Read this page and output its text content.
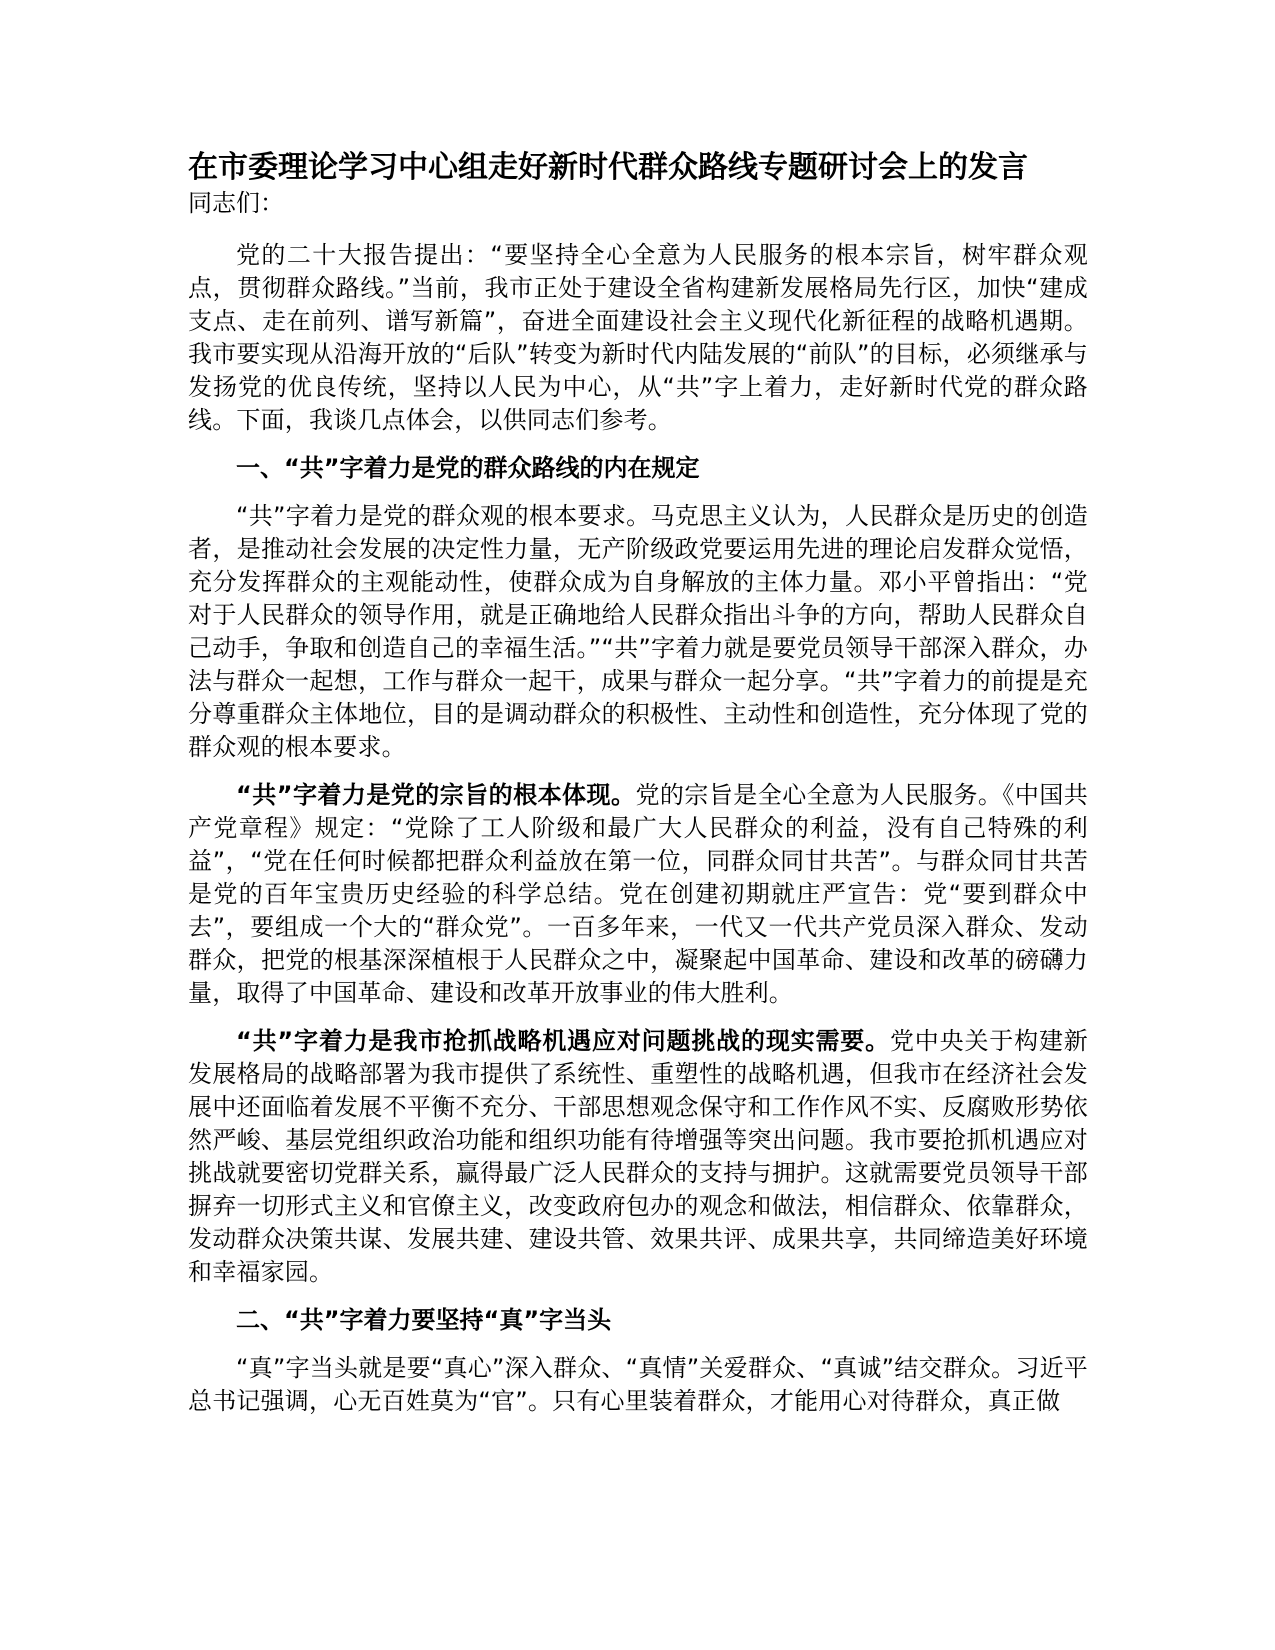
在市委理论学习中心组走好新时代群众路线专题研讨会上的发言

同志们：

党的二十大报告提出：“要坚持全心全意为人民服务的根本宗旨，树牢群众观点，贯彻群众路线。”当前，我市正处于建设全省构建新发展格局先行区，加快“建成支点、走在前列、谱写新篇”，奋进全面建设社会主义现代化新征程的战略机遇期。我市要实现从沿海开放的“后队”转变为新时代内陆发展的“前队”的目标，必须继承与发扬党的优良传统，坚持以人民为中心，从“共”字上着力，走好新时代党的群众路线。下面，我谈几点体会，以供同志们参考。

一、“共”字着力是党的群众路线的内在规定

“共”字着力是党的群众观的根本要求。马克思主义认为，人民群众是历史的创造者，是推动社会发展的决定性力量，无产阶级政党要运用先进的理论启发群众觉悟，充分发挥群众的主观能动性，使群众成为自身解放的主体力量。邓小平曾指出：“党对于人民群众的领导作用，就是正确地给人民群众指出斗争的方向，帮助人民群众自己动手，争取和创造自己的幸福生活。”“共”字着力就是要党员领导干部深入群众，办法与群众一起想，工作与群众一起干，成果与群众一起分享。“共”字着力的前提是充分尊重群众主体地位，目的是调动群众的积极性、主动性和创造性，充分体现了党的群众观的根本要求。

“共”字着力是党的宗旨的根本体现。党的宗旨是全心全意为人民服务。《中国共产党章程》规定：“党除了工人阶级和最广大人民群众的利益，没有自己特殊的利益”，“党在任何时候都把群众利益放在第一位，同群众同甘共苦”。与群众同甘共苦是党的百年宝贵历史经验的科学总结。党在创建初期就庄严宣告：党“要到群众中去”，要组成一个大的“群众党”。一百多年来，一代又一代共产党员深入群众、发动群众，把党的根基深深植根于人民群众之中，凝聚起中国革命、建设和改革的磅礴力量，取得了中国革命、建设和改革开放事业的伟大胜利。

“共”字着力是我市抢抓战略机遇应对问题挑战的现实需要。党中央关于构建新发展格局的战略部署为我市提供了系统性、重塑性的战略机遇，但我市在经济社会发展中还面临着发展不平衡不充分、干部思想观念保守和工作作风不实、反腐败形势依然严峻、基层党组织政治功能和组织功能有待增强等突出问题。我市要抢抓机遇应对挑战就要密切党群关系，赢得最广泛人民群众的支持与拥护。这就需要党员领导干部摒弃一切形式主义和官僚主义，改变政府包办的观念和做法，相信群众、依靠群众，发动群众决策共谋、发展共建、建设共管、效果共评、成果共享，共同缔造美好环境和幸福家园。

二、“共”字着力要坚持“真”字当头

“真”字当头就是要“真心”深入群众、“真情”关爱群众、“真诚”结交群众。习近平总书记强调，心无百姓莫为“官”。只有心里装着群众，才能用心对待群众，真正做
